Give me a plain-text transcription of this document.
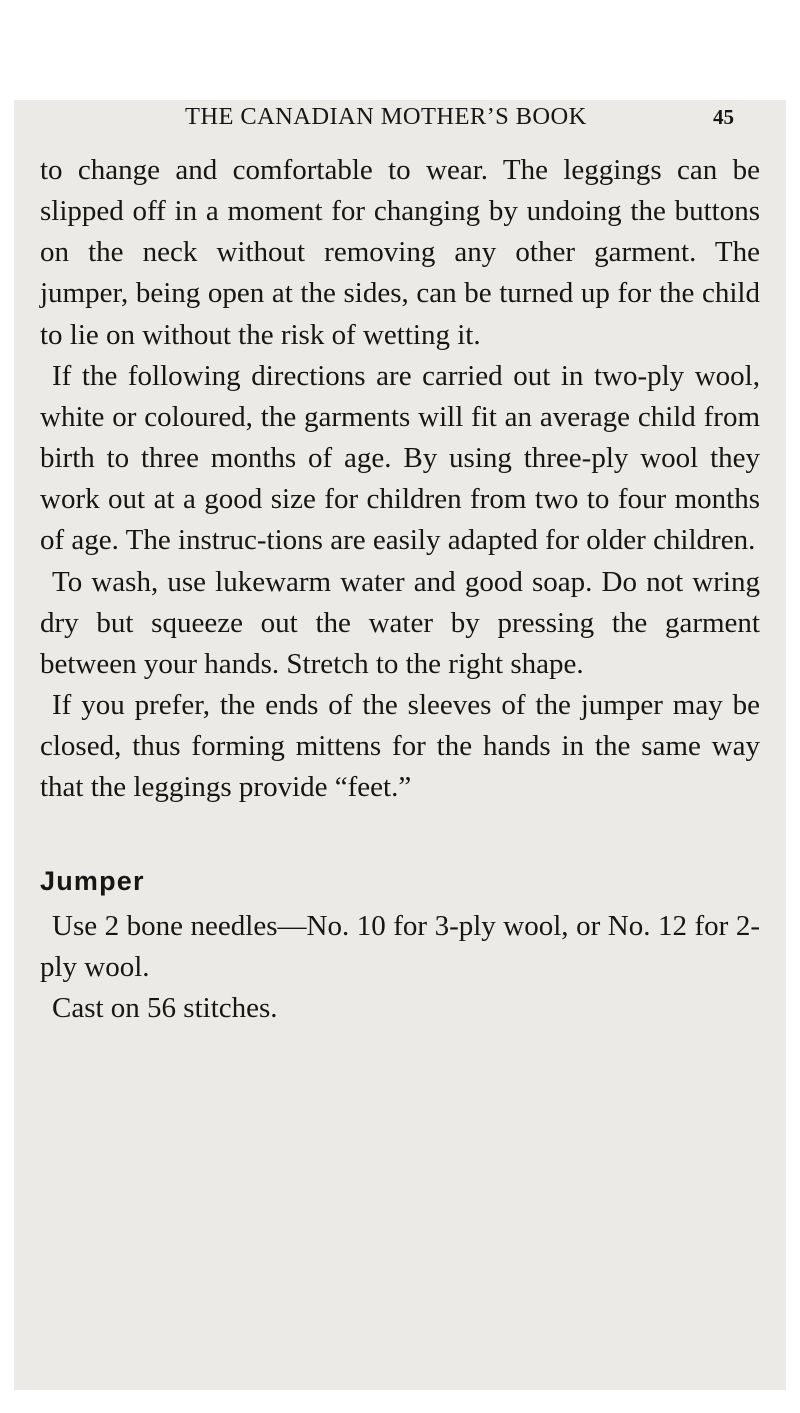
THE CANADIAN MOTHER’S BOOK	45

to change and comfortable to wear. The leggings can be slipped off in a moment for changing by undoing the buttons on the neck without removing any other garment. The jumper, being open at the sides, can be turned up for the child to lie on without the risk of wetting it.

If the following directions are carried out in two-ply wool, white or coloured, the garments will fit an average child from birth to three months of age. By using three-ply wool they work out at a good size for children from two to four months of age. The instruc-tions are easily adapted for older children.

To wash, use lukewarm water and good soap. Do not wring dry but squeeze out the water by pressing the garment between your hands. Stretch to the right shape.

If you prefer, the ends of the sleeves of the jumper may be closed, thus forming mittens for the hands in the same way that the leggings provide “feet.”

Jumper

Use 2 bone needles—No. 10 for 3-ply wool, or No. 12 for 2-ply wool.

Cast on 56 stitches.
